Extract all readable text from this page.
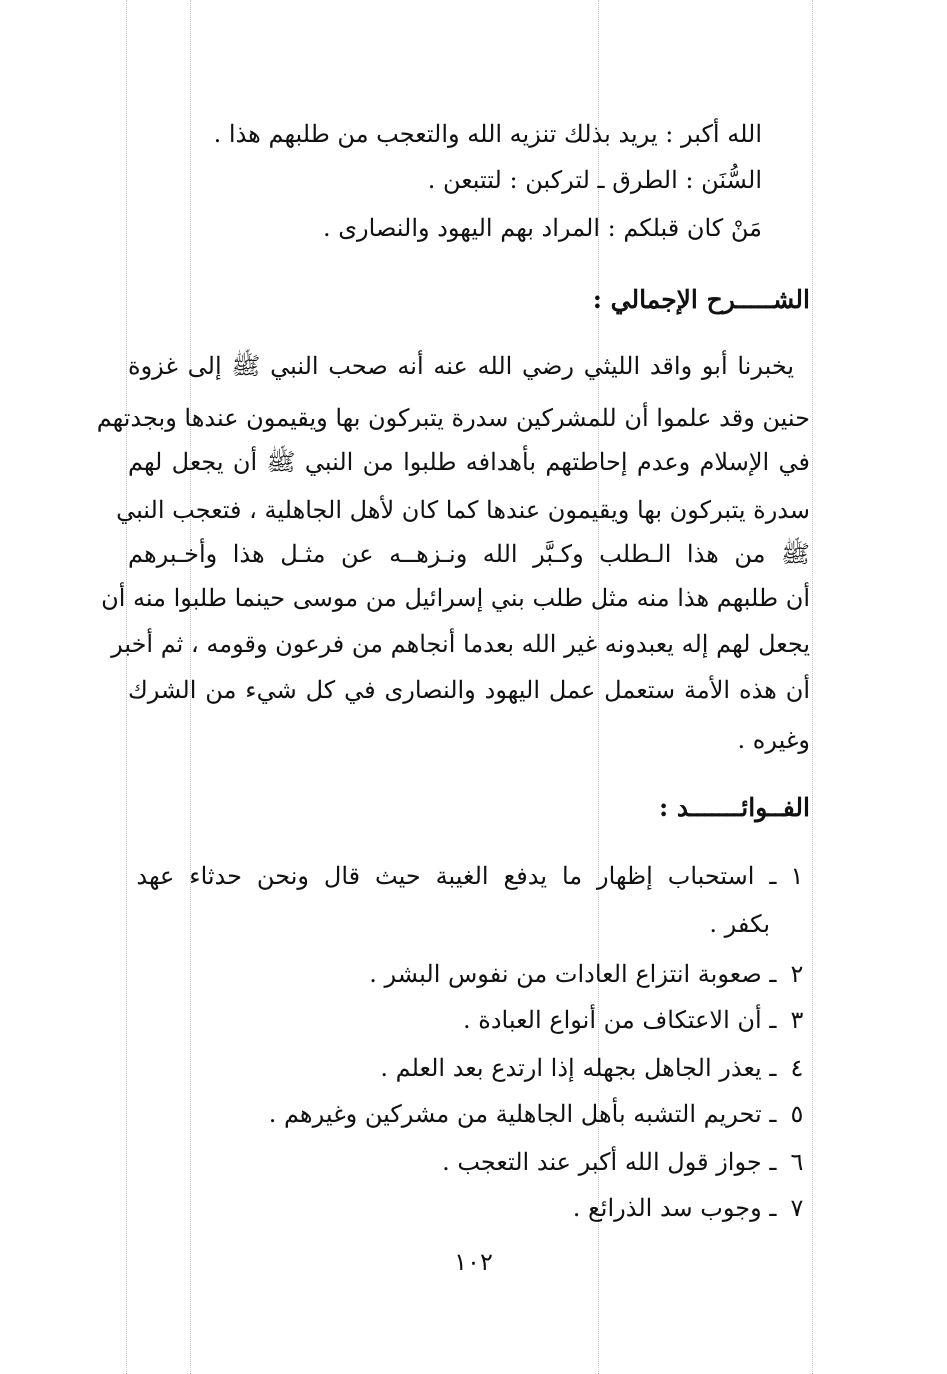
الله أكبر : يريد بذلك تنزيه الله والتعجب من طلبهم هذا .
السُّنَن : الطرق ـ لتركبن : لتتبعن .
مَنْ كان قبلكم : المراد بهم اليهود والنصارى .
الشـــــرح الإجمالي :
يخبرنا أبو واقد الليثي رضي الله عنه أنه صحب النبي ﷺ إلى غزوة
حنين وقد علموا أن للمشركين سدرة يتبركون بها ويقيمون عندها وبجدتهم
في الإسلام وعدم إحاطتهم بأهدافه طلبوا من النبي ﷺ أن يجعل لهم
سدرة يتبركون بها ويقيمون عندها كما كان لأهل الجاهلية ، فتعجب النبي
ﷺ من هذا الـطلب وكـبَّر الله ونـزهــه عن مثـل هذا وأخـبرهم
أن طلبهم هذا منه مثل طلب بني إسرائيل من موسى حينما طلبوا منه أن
يجعل لهم إله يعبدونه غير الله بعدما أنجاهم من فرعون وقومه ، ثم أخبر
أن هذه الأمة ستعمل عمل اليهود والنصارى في كل شيء من الشرك
وغيره .
الفــوائـــــــد :
١ ـ استحباب إظهار ما يدفع الغيبة حيث قال ونحن حدثاء عهد
بكفر .
٢ ـ صعوبة انتزاع العادات من نفوس البشر .
٣ ـ أن الاعتكاف من أنواع العبادة .
٤ ـ يعذر الجاهل بجهله إذا ارتدع بعد العلم .
٥ ـ تحريم التشبه بأهل الجاهلية من مشركين وغيرهم .
٦ ـ جواز قول الله أكبر عند التعجب .
٧ ـ وجوب سد الذرائع .
١٠٢
